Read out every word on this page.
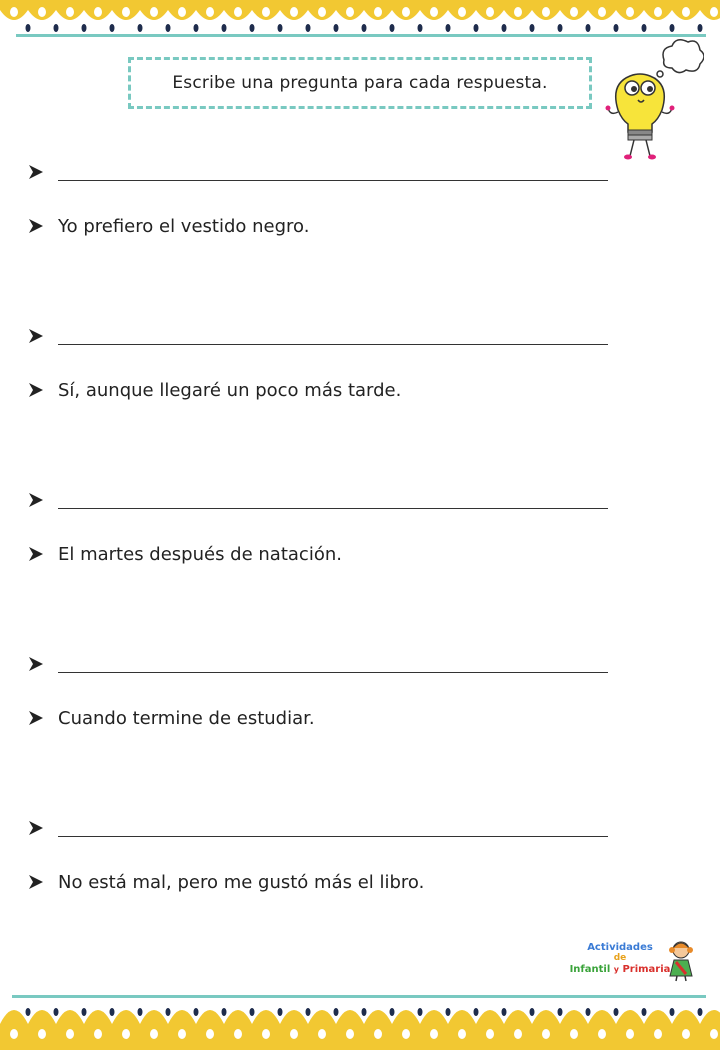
Escribe una pregunta para cada respuesta.
Yo prefiero el vestido negro.
Sí, aunque llegaré un poco más tarde.
El martes después de natación.
Cuando termine de estudiar.
No está mal, pero me gustó más el libro.
Actividades
de
Infantil y Primaria
